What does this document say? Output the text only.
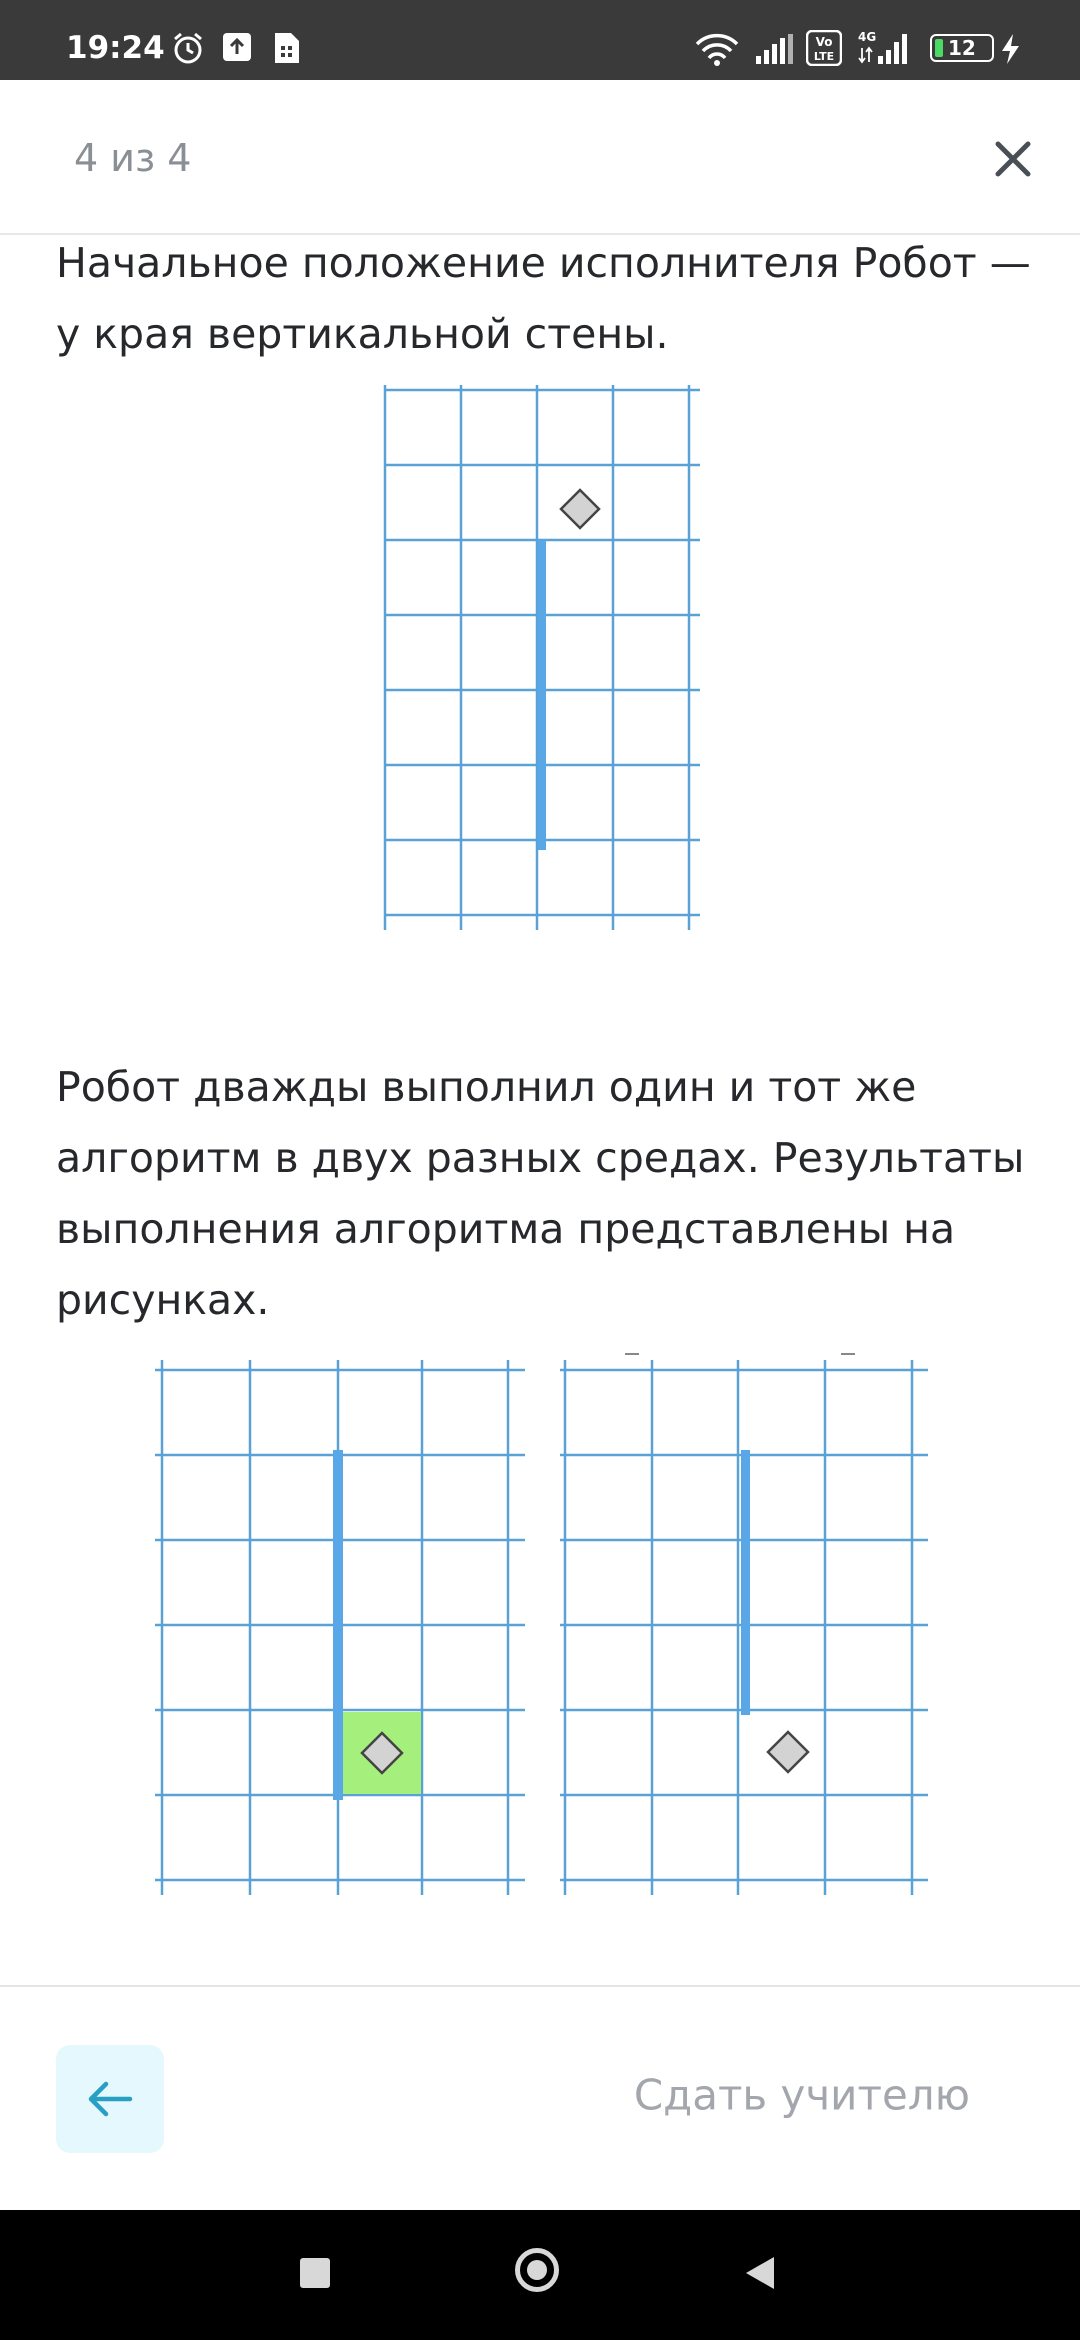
19:24	Vo
LTE
4G	12
4 из 4

Начальное положение исполнителя Робот — у края вертикальной стены.

Робот дважды выполнил один и тот же алгоритм в двух разных средах. Результаты выполнения алгоритма представлены на рисунках.

Сдать учителю
